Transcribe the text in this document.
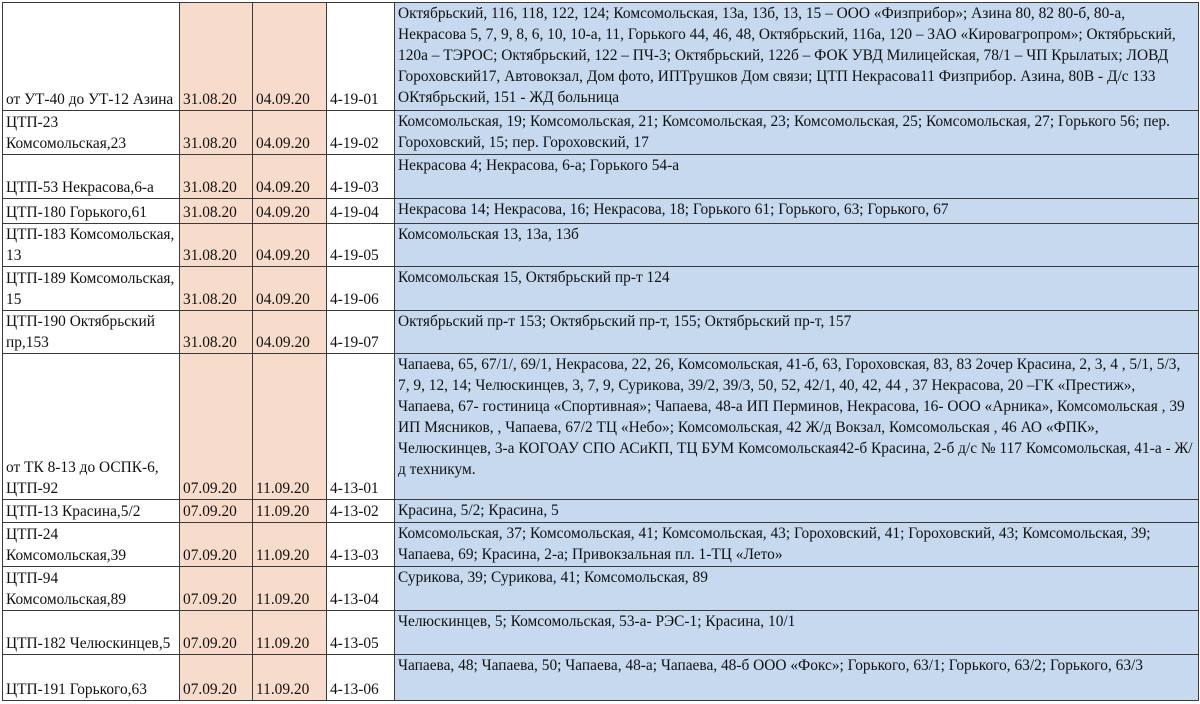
от УТ-40 до УТ-12 Азина	31.08.20	04.09.20	4-19-01	Октябрьский, 116, 118, 122, 124; Комсомольская, 13а, 13б, 13, 15 – ООО «Физприбор»; Азина 80, 82 80-б, 80-а, Некрасова 5, 7, 9, 8, 6, 10, 10-а, 11, Горького 44, 46, 48, Октябрьский, 116а, 120 – ЗАО «Кировагропром»; Октябрьский, 120а – ТЭРОС; Октябрьский, 122 – ПЧ-3; Октябрьский, 122б – ФОК УВД Милицейская, 78/1 – ЧП Крылатых; ЛОВД Гороховский17, Автовокзал, Дом фото, ИПТрушков Дом связи; ЦТП Некрасова11 Физприбор. Азина, 80В - Д/с 133 ОКтябрьский, 151 - ЖД больница
ЦТП-23 Комсомольская,23	31.08.20	04.09.20	4-19-02	Комсомольская, 19; Комсомольская, 21; Комсомольская, 23; Комсомольская, 25; Комсомольская, 27; Горького 56; пер. Гороховский, 15; пер. Гороховский, 17
ЦТП-53 Некрасова,6-а	31.08.20	04.09.20	4-19-03	Некрасова 4; Некрасова, 6-а; Горького 54-а
ЦТП-180 Горького,61	31.08.20	04.09.20	4-19-04	Некрасова 14; Некрасова, 16; Некрасова, 18; Горького 61; Горького, 63; Горького, 67
ЦТП-183 Комсомольская, 13	31.08.20	04.09.20	4-19-05	Комсомольская 13, 13а, 13б
ЦТП-189 Комсомольская, 15	31.08.20	04.09.20	4-19-06	Комсомольская 15, Октябрьский пр-т 124
ЦТП-190 Октябрьский пр,153	31.08.20	04.09.20	4-19-07	Октябрьский пр-т 153; Октябрьский пр-т, 155; Октябрьский пр-т, 157
от ТК 8-13 до ОСПК-6, ЦТП-92	07.09.20	11.09.20	4-13-01	Чапаева, 65, 67/1/, 69/1, Некрасова, 22, 26, Комсомольская, 41-б, 63, Гороховская, 83, 83 2очер Красина, 2, 3, 4 , 5/1, 5/3, 7, 9, 12, 14; Челюскинцев, 3, 7, 9, Сурикова, 39/2, 39/3, 50, 52, 42/1, 40, 42, 44 , 37 Некрасова, 20 –ГК «Престиж», Чапаева, 67- гостиница «Спортивная»; Чапаева, 48-а ИП Перминов, Некрасова, 16- ООО «Арника», Комсомольская , 39 ИП Мясников, , Чапаева, 67/2 ТЦ «Небо»; Комсомольская, 42 Ж/д Вокзал, Комсомольская , 46 АО «ФПК», Челюскинцев, 3-а КОГОАУ СПО АСиКП, ТЦ БУМ Комсомольская42-б Красина, 2-б д/с № 117 Комсомольская, 41-а - Ж/д техникум.
ЦТП-13 Красина,5/2	07.09.20	11.09.20	4-13-02	Красина, 5/2; Красина, 5
ЦТП-24 Комсомольская,39	07.09.20	11.09.20	4-13-03	Комсомольская, 37; Комсомольская, 41; Комсомольская, 43; Гороховский, 41; Гороховский, 43; Комсомольская, 39; Чапаева, 69; Красина, 2-а; Привокзальная пл. 1-ТЦ «Лето»
ЦТП-94 Комсомольская,89	07.09.20	11.09.20	4-13-04	Сурикова, 39; Сурикова, 41; Комсомольская, 89
ЦТП-182 Челюскинцев,5	07.09.20	11.09.20	4-13-05	Челюскинцев, 5; Комсомольская, 53-а- РЭС-1; Красина, 10/1
ЦТП-191 Горького,63	07.09.20	11.09.20	4-13-06	Чапаева, 48; Чапаева, 50; Чапаева, 48-а; Чапаева, 48-б ООО «Фокс»; Горького, 63/1; Горького, 63/2; Горького, 63/3
